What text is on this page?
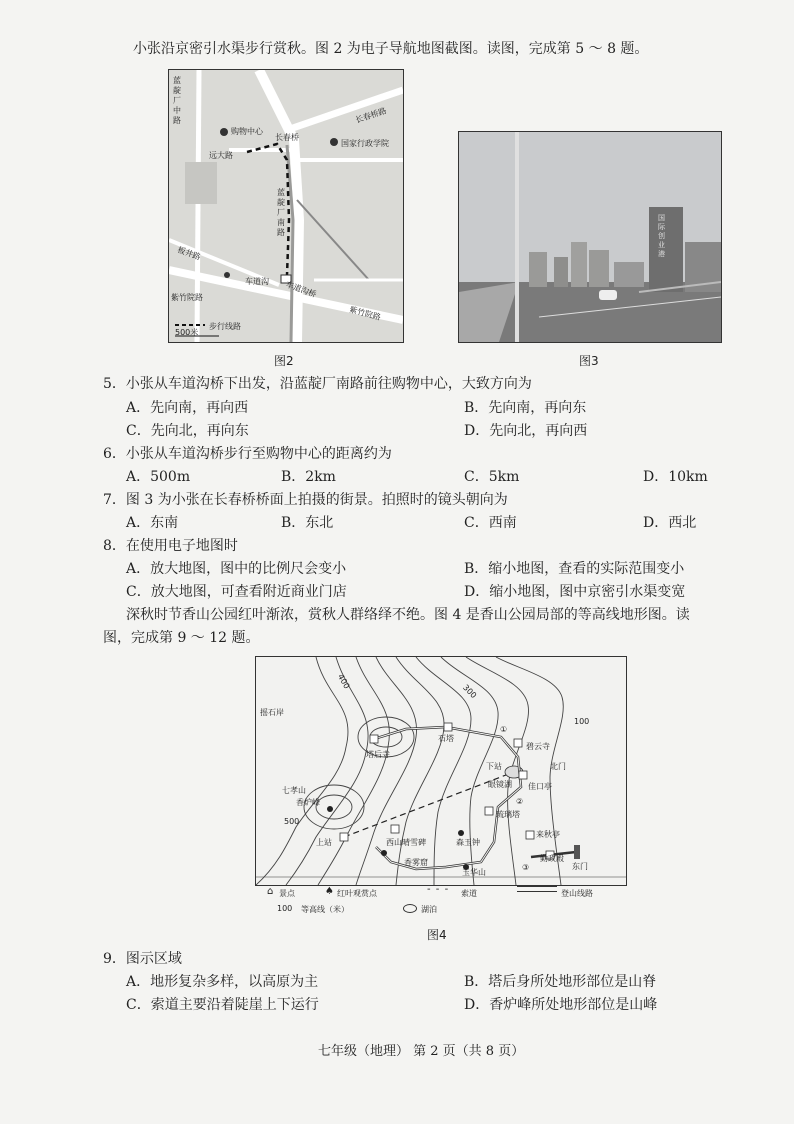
小张沿京密引水渠步行赏秋。图 2 为电子导航地图截图。读图，完成第 5 ～ 8 题。
蓝靛厂中路
购物中心
远大路
长春桥
长春桥路
国家行政学院
蓝靛厂南路
板井路
车道沟 车道沟桥
紫竹院路
紫竹院路
步行线路
500米
图2
国际创业港
图3
5．小张从车道沟桥下出发，沿蓝靛厂南路前往购物中心，大致方向为
A．先向南，再向西	B．先向南，再向东
C．先向北，再向东	D．先向北，再向西
6．小张从车道沟桥步行至购物中心的距离约为
A．500m	B．2km	C．5km	D．10km
7．图 3 为小张在长春桥桥面上拍摄的街景。拍照时的镜头朝向为
A．东南	B．东北	C．西南	D．西北
8．在使用电子地图时
A．放大地图，图中的比例尺会变小	B．缩小地图，查看的实际范围变小
C．放大地图，可查看附近商业门店	D．缩小地图，图中京密引水渠变宽
深秋时节香山公园红叶渐浓，赏秋人群络绎不绝。图 4 是香山公园局部的等高线地形图。读
图，完成第 9 ～ 12 题。
400
300
500
100
摇石岸
石塔
塔后寺
碧云寺
下站	北门
眼镜湖 佳口亭
七孝山
香炉峰
琉璃塔
来秋亭
上站	西山晴雪碑	森玉钟
勤政殿
东门
香雾窟
玉华山
①
②
③
⌂ 景点	♠ 红叶观赏点	- - - 索道	登山线路
100 等高线（米）	湖泊
图4
9．图示区域
A．地形复杂多样，以高原为主	B．塔后身所处地形部位是山脊
C．索道主要沿着陡崖上下运行	D．香炉峰所处地形部位是山峰
七年级（地理） 第 2 页（共 8 页）
